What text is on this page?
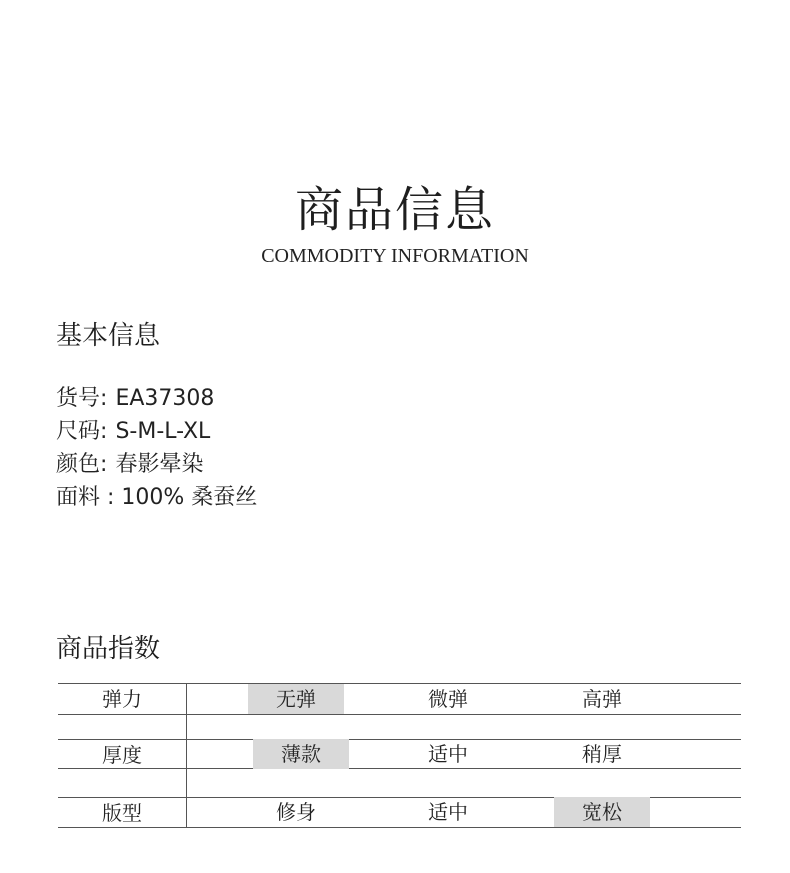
商品信息
COMMODITY INFORMATION
基本信息
货号: EA37308
尺码: S-M-L-XL
颜色: 春影晕染
面料 : 100% 桑蚕丝
商品指数
弹力	无弹	微弹	高弹
厚度	薄款	适中	稍厚
版型	修身	适中	宽松
